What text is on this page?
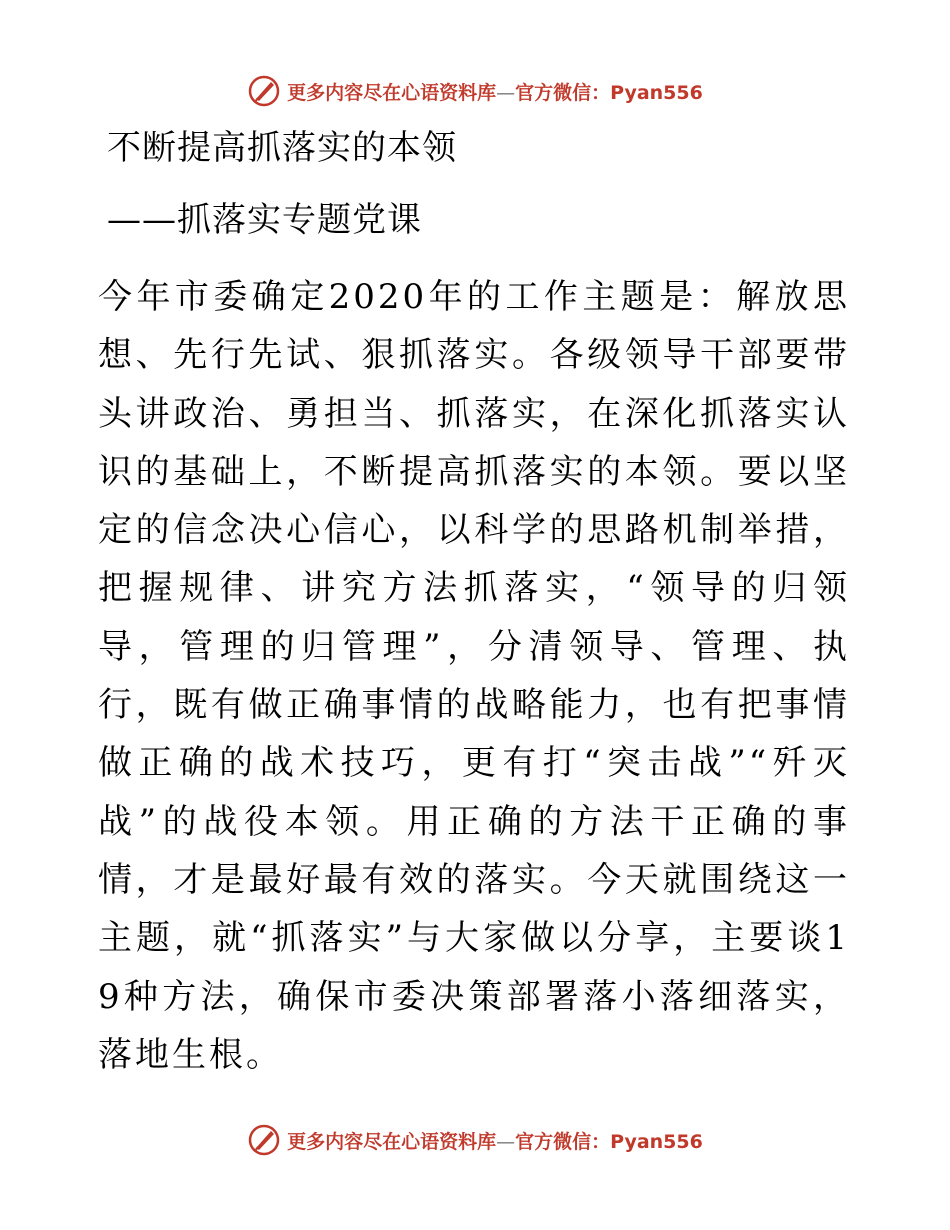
更多内容尽在心语资料库—官方微信：Pyan556
不断提高抓落实的本领
——抓落实专题党课

今年市委确定2020年的工作主题是：解放思想、先行先试、狠抓落实。各级领导干部要带头讲政治、勇担当、抓落实，在深化抓落实认识的基础上，不断提高抓落实的本领。要以坚定的信念决心信心，以科学的思路机制举措，把握规律、讲究方法抓落实，“领导的归领导，管理的归管理”，分清领导、管理、执行，既有做正确事情的战略能力，也有把事情做正确的战术技巧，更有打“突击战”“歼灭战”的战役本领。用正确的方法干正确的事情，才是最好最有效的落实。今天就围绕这一主题，就“抓落实”与大家做以分享，主要谈19种方法，确保市委决策部署落小落细落实，落地生根。

更多内容尽在心语资料库—官方微信：Pyan556
